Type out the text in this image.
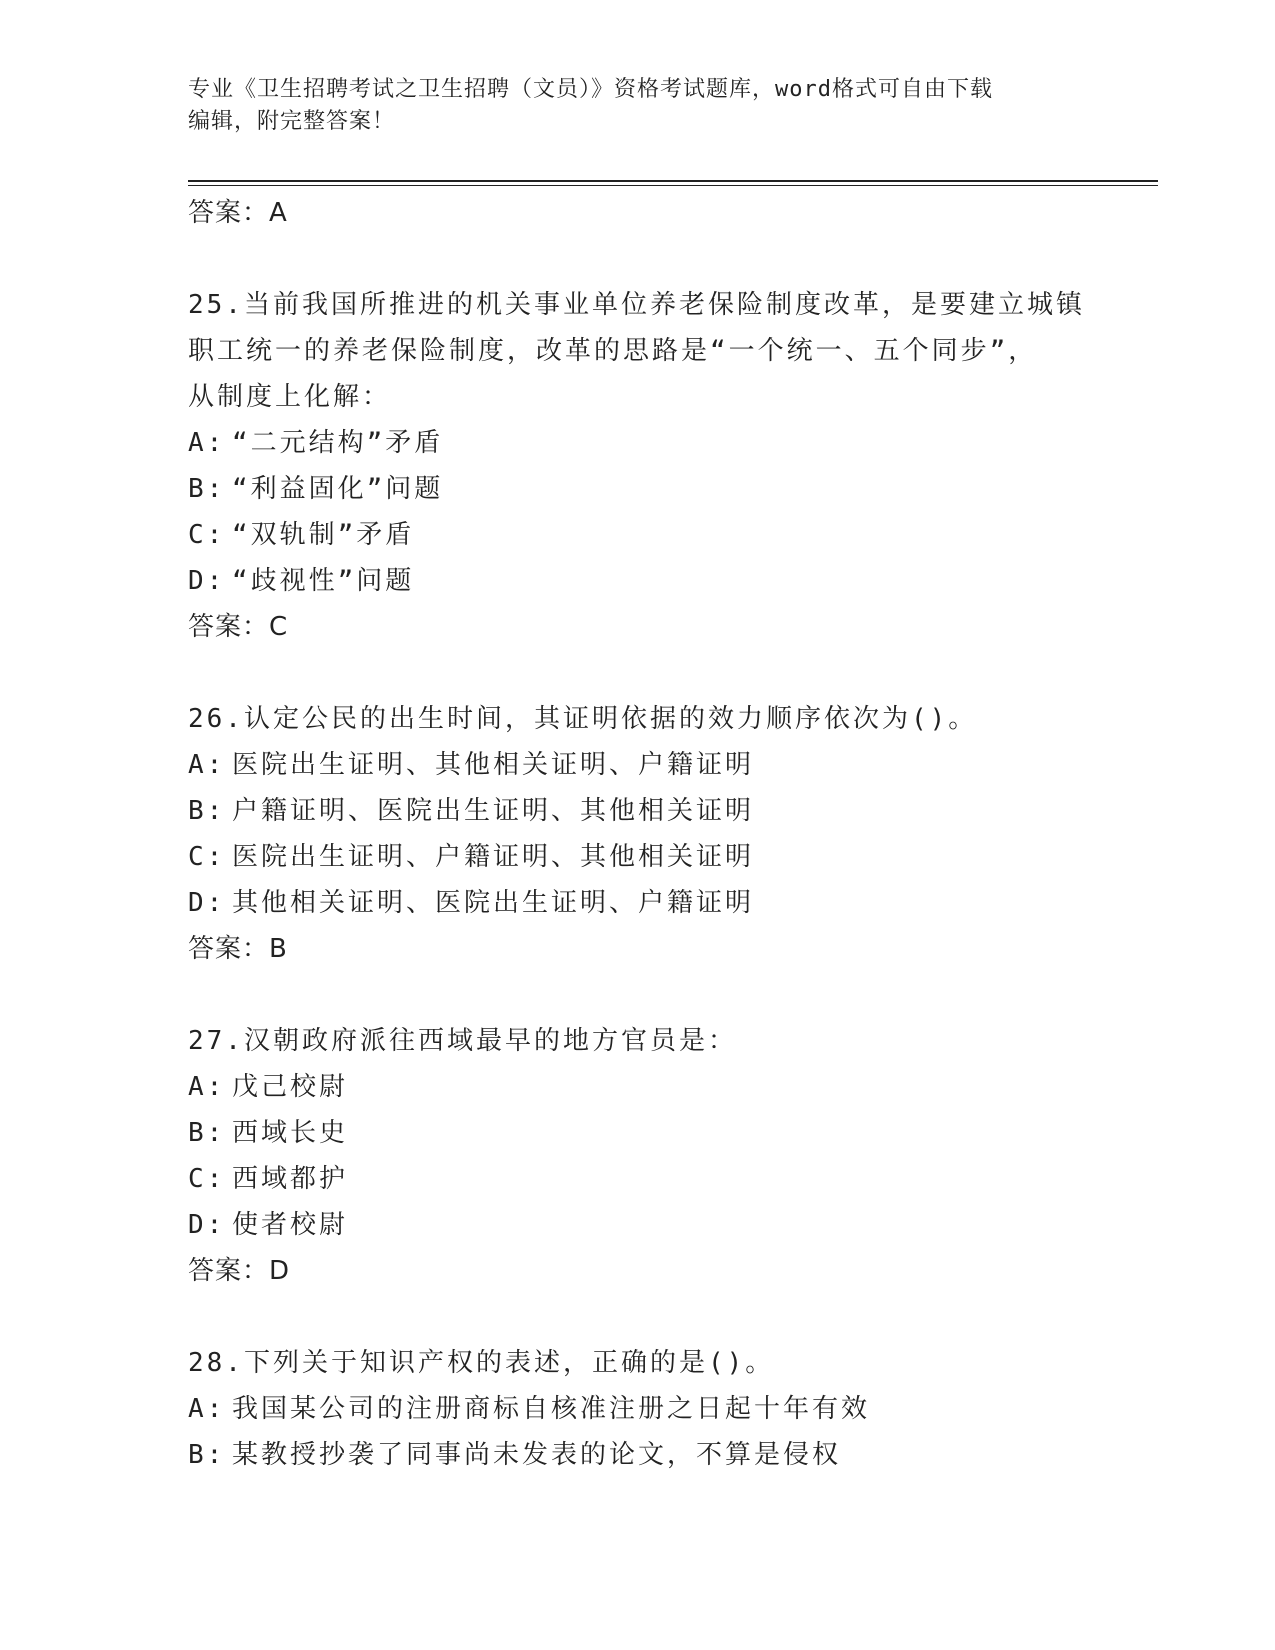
专业《卫生招聘考试之卫生招聘（文员）》资格考试题库，word格式可自由下载
编辑，附完整答案！
答案：A
25.当前我国所推进的机关事业单位养老保险制度改革，是要建立城镇
职工统一的养老保险制度，改革的思路是“一个统一、五个同步”，
从制度上化解：
A: “二元结构”矛盾
B: “利益固化”问题
C: “双轨制”矛盾
D: “歧视性”问题
答案：C
26.认定公民的出生时间，其证明依据的效力顺序依次为()。
A: 医院出生证明、其他相关证明、户籍证明
B: 户籍证明、医院出生证明、其他相关证明
C: 医院出生证明、户籍证明、其他相关证明
D: 其他相关证明、医院出生证明、户籍证明
答案：B
27.汉朝政府派往西域最早的地方官员是：
A: 戊己校尉
B: 西域长史
C: 西域都护
D: 使者校尉
答案：D
28.下列关于知识产权的表述，正确的是()。
A: 我国某公司的注册商标自核准注册之日起十年有效
B: 某教授抄袭了同事尚未发表的论文，不算是侵权
